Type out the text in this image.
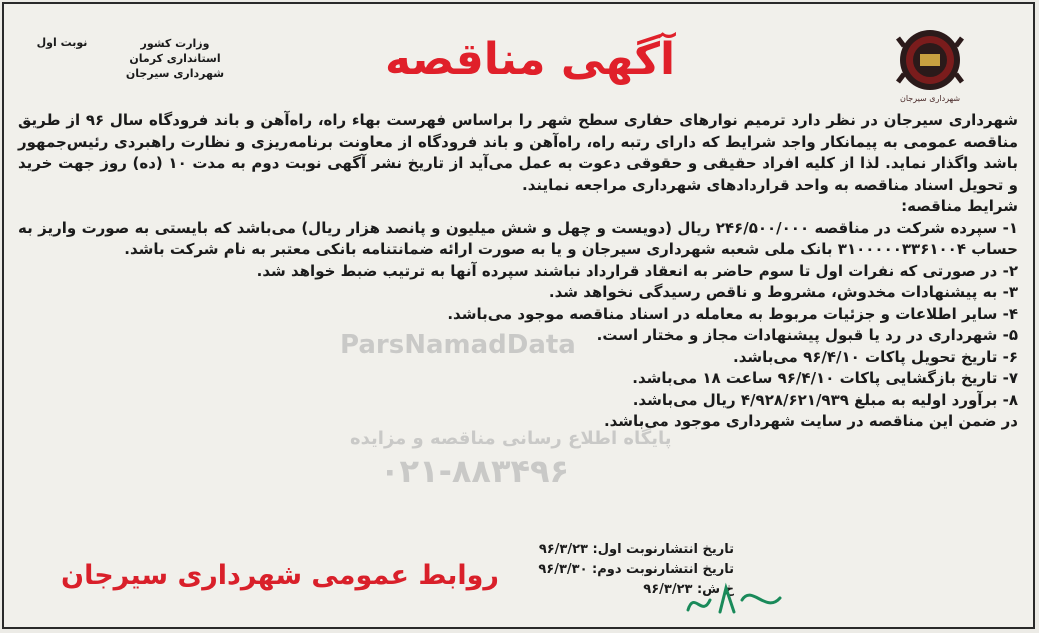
شهرداری سیرجان
وزارت کشور
استانداری کرمان
شهرداری سیرجان
نوبت اول	آگهی مناقصه
ParsNamadData
پایگاه اطلاع رسانی مناقصه و مزایده
۰۲۱-۸۸۳۴۹۶

شهرداری سیرجان در نظر دارد ترمیم نوارهای حفاری سطح شهر را براساس فهرست بهاء راه، راه‌آهن و باند فرودگاه سال ۹۶ از طریق مناقصه عمومی به پیمانکار واجد شرایط که دارای رتبه راه، راه‌آهن و باند فرودگاه از معاونت برنامه‌ریزی و نظارت راهبردی رئیس‌جمهور باشد واگذار نماید. لذا از کلیه افراد حقیقی و حقوقی دعوت به عمل می‌آید از تاریخ نشر آگهی نوبت دوم به مدت ۱۰ (ده) روز جهت خرید و تحویل اسناد مناقصه به واحد قراردادهای شهرداری مراجعه نمایند.

شرایط مناقصه:

۱- سپرده شرکت در مناقصه ۲۴۶/۵۰۰/۰۰۰ ریال (دویست و چهل و شش میلیون و پانصد هزار ریال) می‌باشد که بایستی به صورت واریز به حساب ۳۱۰۰۰۰۰۳۳۶۱۰۰۴ بانک ملی شعبه شهرداری سیرجان و یا به صورت ارائه ضمانتنامه بانکی معتبر به نام شرکت باشد.

۲- در صورتی که نفرات اول تا سوم حاضر به انعقاد قرارداد نباشند سپرده آنها به ترتیب ضبط خواهد شد.

۳- به پیشنهادات مخدوش، مشروط و ناقص رسیدگی نخواهد شد.

۴- سایر اطلاعات و جزئیات مربوط به معامله در اسناد مناقصه موجود می‌باشد.

۵- شهرداری در رد یا قبول پیشنهادات مجاز و مختار است.

۶- تاریخ تحویل پاکات ۹۶/۴/۱۰ می‌باشد.

۷- تاریخ بازگشایی پاکات ۹۶/۴/۱۰ ساعت ۱۸ می‌باشد.

۸- برآورد اولیه به مبلغ ۴/۹۲۸/۶۲۱/۹۳۹ ریال می‌باشد.

در ضمن این مناقصه در سایت شهرداری موجود می‌باشد.

تاریخ انتشارنوبت اول: ۹۶/۳/۲۳
تاریخ انتشارنوبت دوم: ۹۶/۳/۳۰
خ ش: ۹۶/۳/۲۳
روابط عمومی شهرداری سیرجان
